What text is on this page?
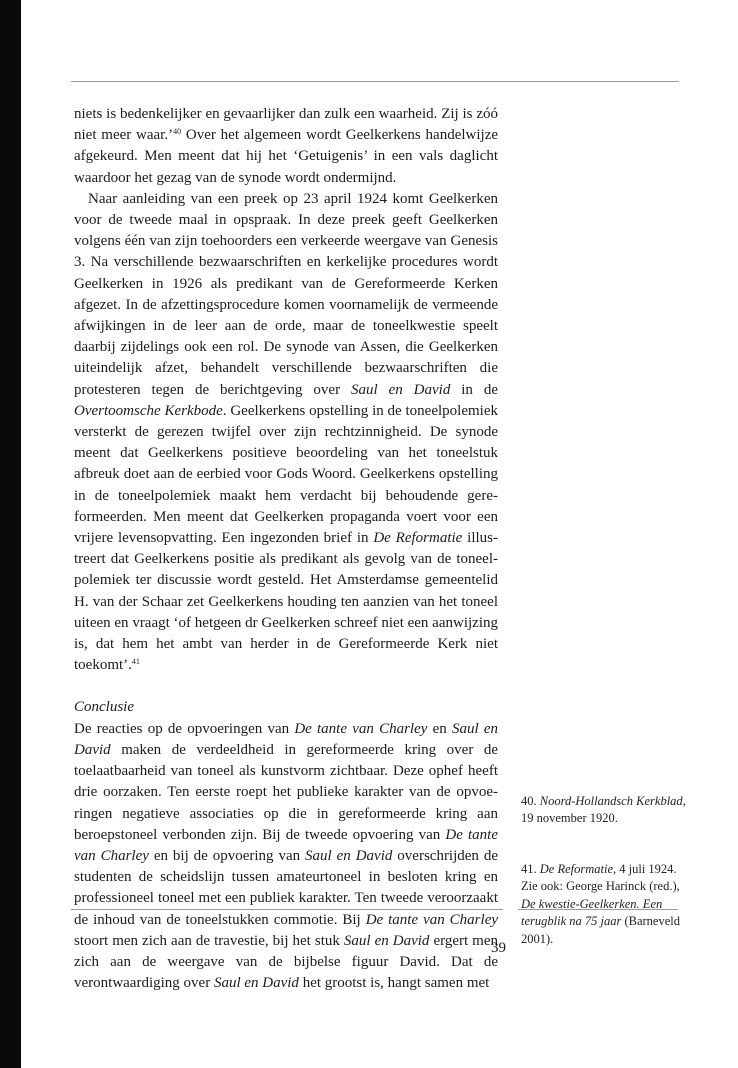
niets is bedenkelijker en gevaarlijker dan zulk een waarheid. Zij is zóó niet meer waar.’$^{40}$ Over het algemeen wordt Geelkerkens handelwijze afgekeurd. Men meent dat hij het ‘Getuigenis’ in een vals daglicht waardoor het gezag van de synode wordt ondermijnd.

Naar aanleiding van een preek op 23 april 1924 komt Geelkerken voor de tweede maal in opspraak. In deze preek geeft Geelkerken volgens één van zijn toehoorders een verkeerde weergave van Genesis 3. Na verschillende bezwaarschriften en kerkelijke procedures wordt Geelkerken in 1926 als predikant van de Gereformeerde Kerken afgezet. In de afzettingsprocedure komen voornamelijk de vermeende afwijkingen in de leer aan de orde, maar de toneelkwestie speelt daarbij zijdelings ook een rol. De synode van Assen, die Geelkerken uiteindelijk afzet, behandelt verschillende bezwaarschriften die protesteren tegen de berichtgeving over Saul en David in de Overtoomsche Kerkbode. Geelkerkens opstelling in de toneelpolemiek versterkt de gerezen twijfel over zijn rechtzinnigheid. De synode meent dat Geelkerkens positieve beoordeling van het toneelstuk afbreuk doet aan de eerbied voor Gods Woord. Geelkerkens opstelling in de toneelpolemiek maakt hem verdacht bij behoudende gereformeerden. Men meent dat Geelkerken propaganda voert voor een vrijere levensopvatting. Een ingezonden brief in De Reformatie illustreert dat Geelkerkens positie als predikant als gevolg van de toneelpolemiek ter discussie wordt gesteld. Het Amsterdamse gemeentelid H. van der Schaar zet Geelkerkens houding ten aanzien van het toneel uiteen en vraagt ‘of hetgeen dr Geelkerken schreef niet een aanwijzing is, dat hem het ambt van herder in de Gereformeerde Kerk niet toekomt’.$^{41}$

Conclusie

De reacties op de opvoeringen van De tante van Charley en Saul en David maken de verdeeldheid in gereformeerde kring over de toelaatbaarheid van toneel als kunstvorm zichtbaar. Deze ophef heeft drie oorzaken. Ten eerste roept het publieke karakter van de opvoeringen negatieve associaties op die in gereformeerde kring aan beroepstoneel verbonden zijn. Bij de tweede opvoering van De tante van Charley en bij de opvoering van Saul en David overschrijden de studenten de scheidslijn tussen amateurtoneel in besloten kring en professioneel toneel met een publiek karakter. Ten tweede veroorzaakt de inhoud van de toneelstukken commotie. Bij De tante van Charley stoort men zich aan de travestie, bij het stuk Saul en David ergert men zich aan de weergave van de bijbelse figuur David. Dat de verontwaardiging over Saul en David het grootst is, hangt samen met

40. Noord-Hollandsch Kerkblad, 19 november 1920.
41. De Reformatie, 4 juli 1924. Zie ook: George Harinck (red.), De kwestie-Geelkerken. Een terugblik na 75 jaar (Barneveld 2001).
39
